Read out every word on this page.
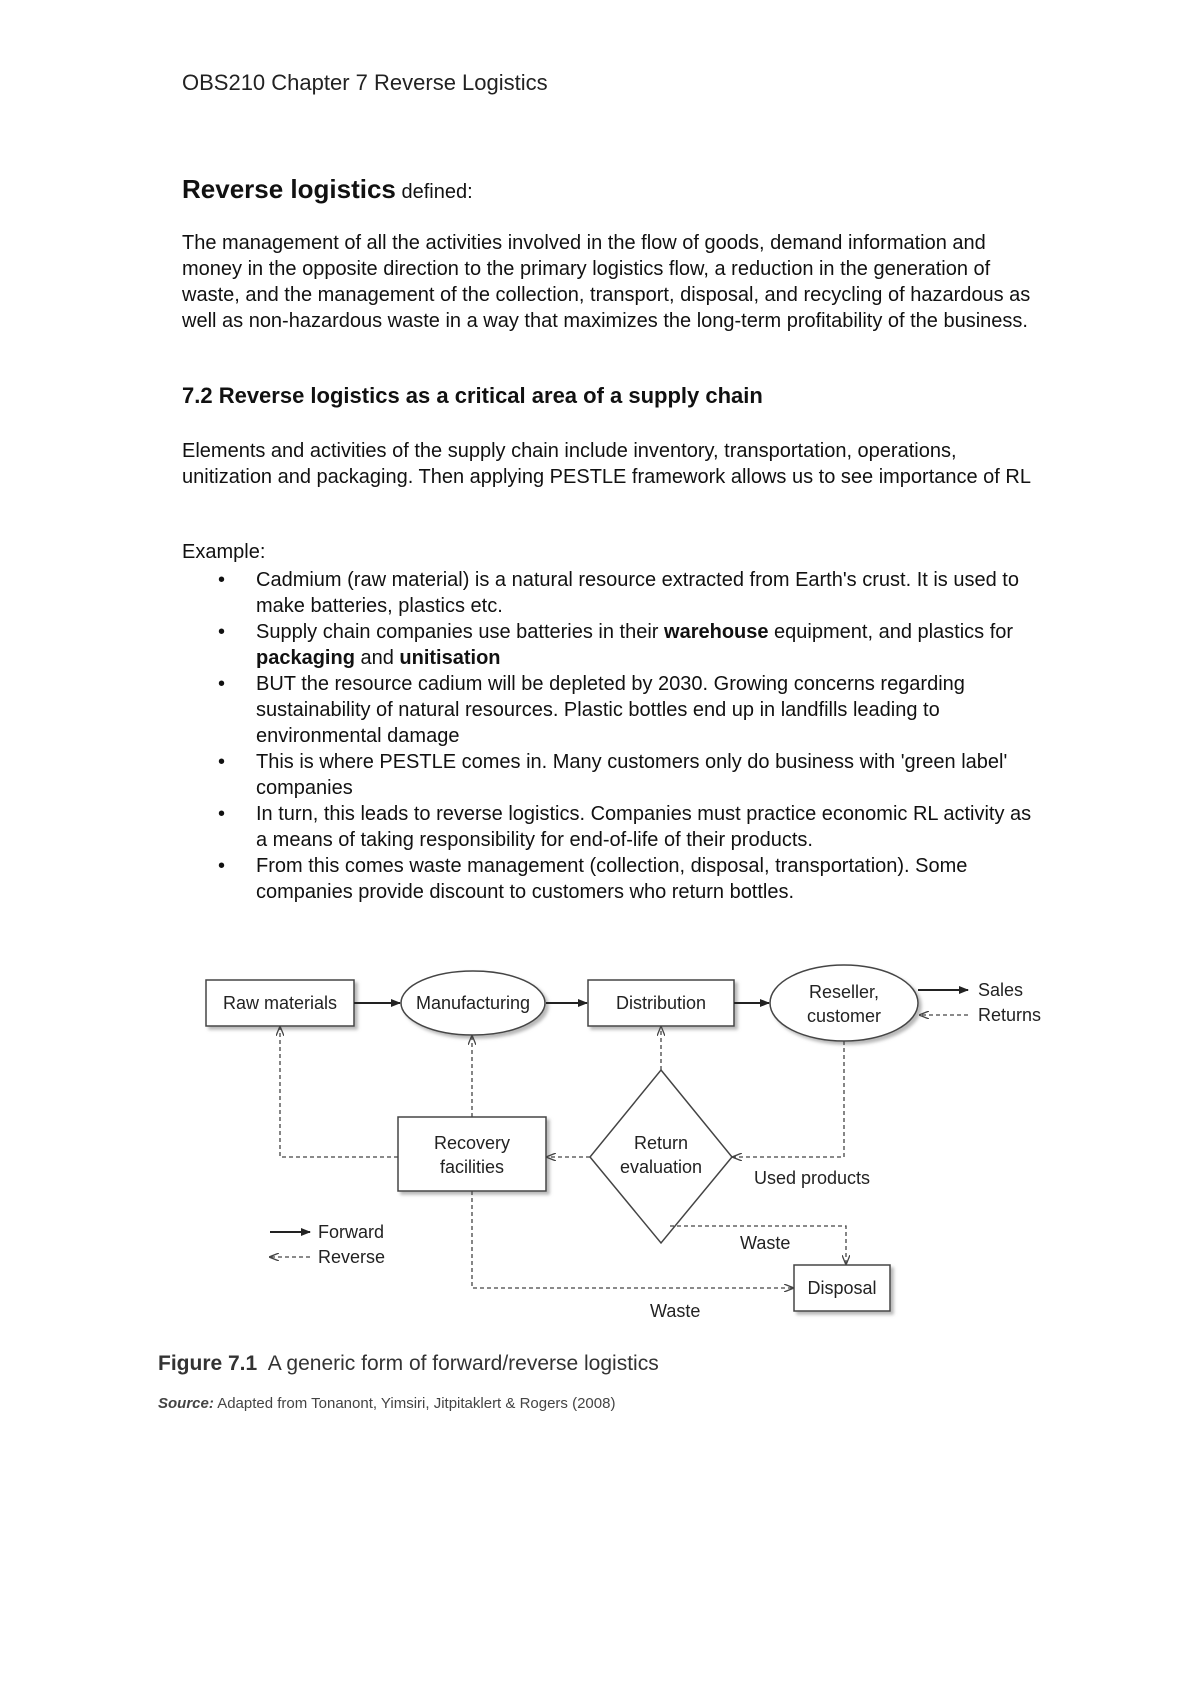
OBS210 Chapter 7 Reverse Logistics
Reverse logistics defined:
The management of all the activities involved in the flow of goods, demand information and money in the opposite direction to the primary logistics flow, a reduction in the generation of waste, and the management of the collection, transport, disposal, and recycling of hazardous as well as non-hazardous waste in a way that maximizes the long-term profitability of the business.
7.2 Reverse logistics as a critical area of a supply chain
Elements and activities of the supply chain include inventory, transportation, operations, unitization and packaging. Then applying PESTLE framework allows us to see importance of RL
Example:
• Cadmium (raw material) is a natural resource extracted from Earth's crust. It is used to make batteries, plastics etc.
• Supply chain companies use batteries in their warehouse equipment, and plastics for packaging and unitisation
• BUT the resource cadium will be depleted by 2030. Growing concerns regarding sustainability of natural resources. Plastic bottles end up in landfills leading to environmental damage
• This is where PESTLE comes in. Many customers only do business with 'green label' companies
• In turn, this leads to reverse logistics. Companies must practice economic RL activity as a means of taking responsibility for end-of-life of their products.
• From this comes waste management (collection, disposal, transportation). Some companies provide discount to customers who return bottles.
Raw materials	Manufacturing	Distribution
Reseller,
customer
Sales
Returns
Recovery
facilities
Return
evaluation
Used products
Disposal
Waste
Waste
Forward
Reverse
Figure 7.1 A generic form of forward/reverse logistics
Source: Adapted from Tonanont, Yimsiri, Jitpitaklert & Rogers (2008)
